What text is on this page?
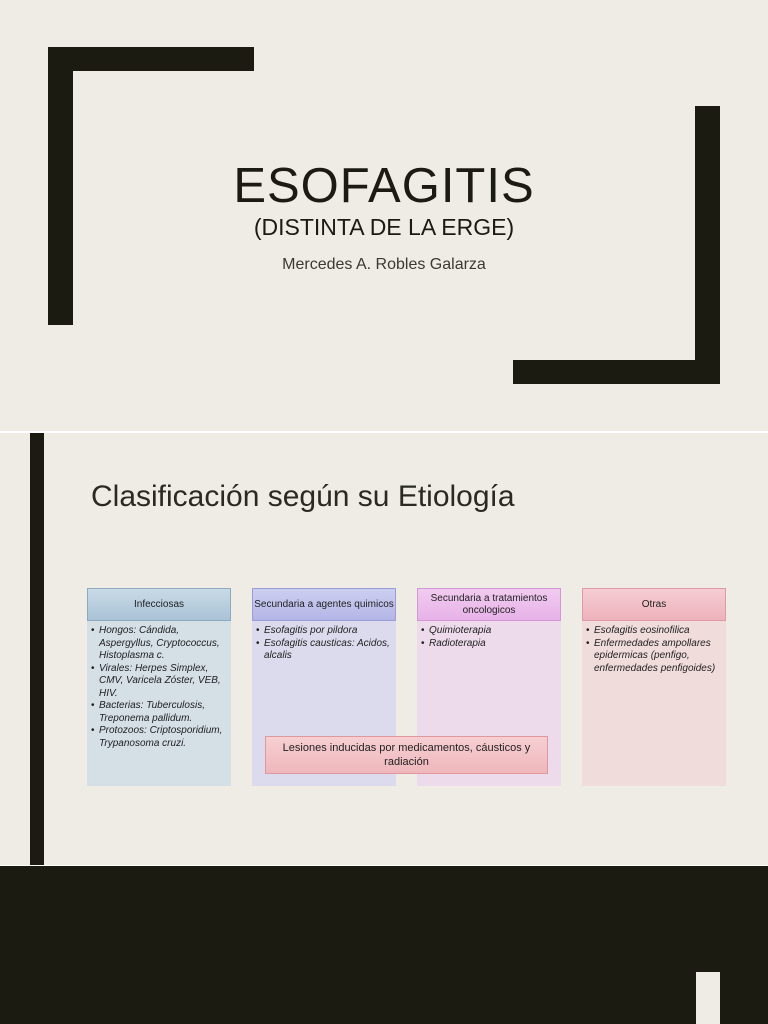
ESOFAGITIS
(DISTINTA DE LA ERGE)
Mercedes A. Robles Galarza
Clasificación según su Etiología
Infecciosas
• Hongos: Cándida, Aspergyllus, Cryptococcus, Histoplasma c.
• Virales: Herpes Simplex, CMV, Varicela Zóster, VEB, HIV.
• Bacterias: Tuberculosis, Treponema pallidum.
• Protozoos: Criptosporidium, Trypanosoma cruzi.
Secundaria a agentes quimicos
• Esofagitis por pildora
• Esofagitis causticas: Acidos, alcalis
Secundaria a tratamientos oncologicos
• Quimioterapia
• Radioterapia
Otras
• Esofagitis eosinofilica
• Enfermedades ampollares epidermicas (penfigo, enfermedades penfigoides)
Lesiones inducidas por medicamentos, cáusticos y radiación
